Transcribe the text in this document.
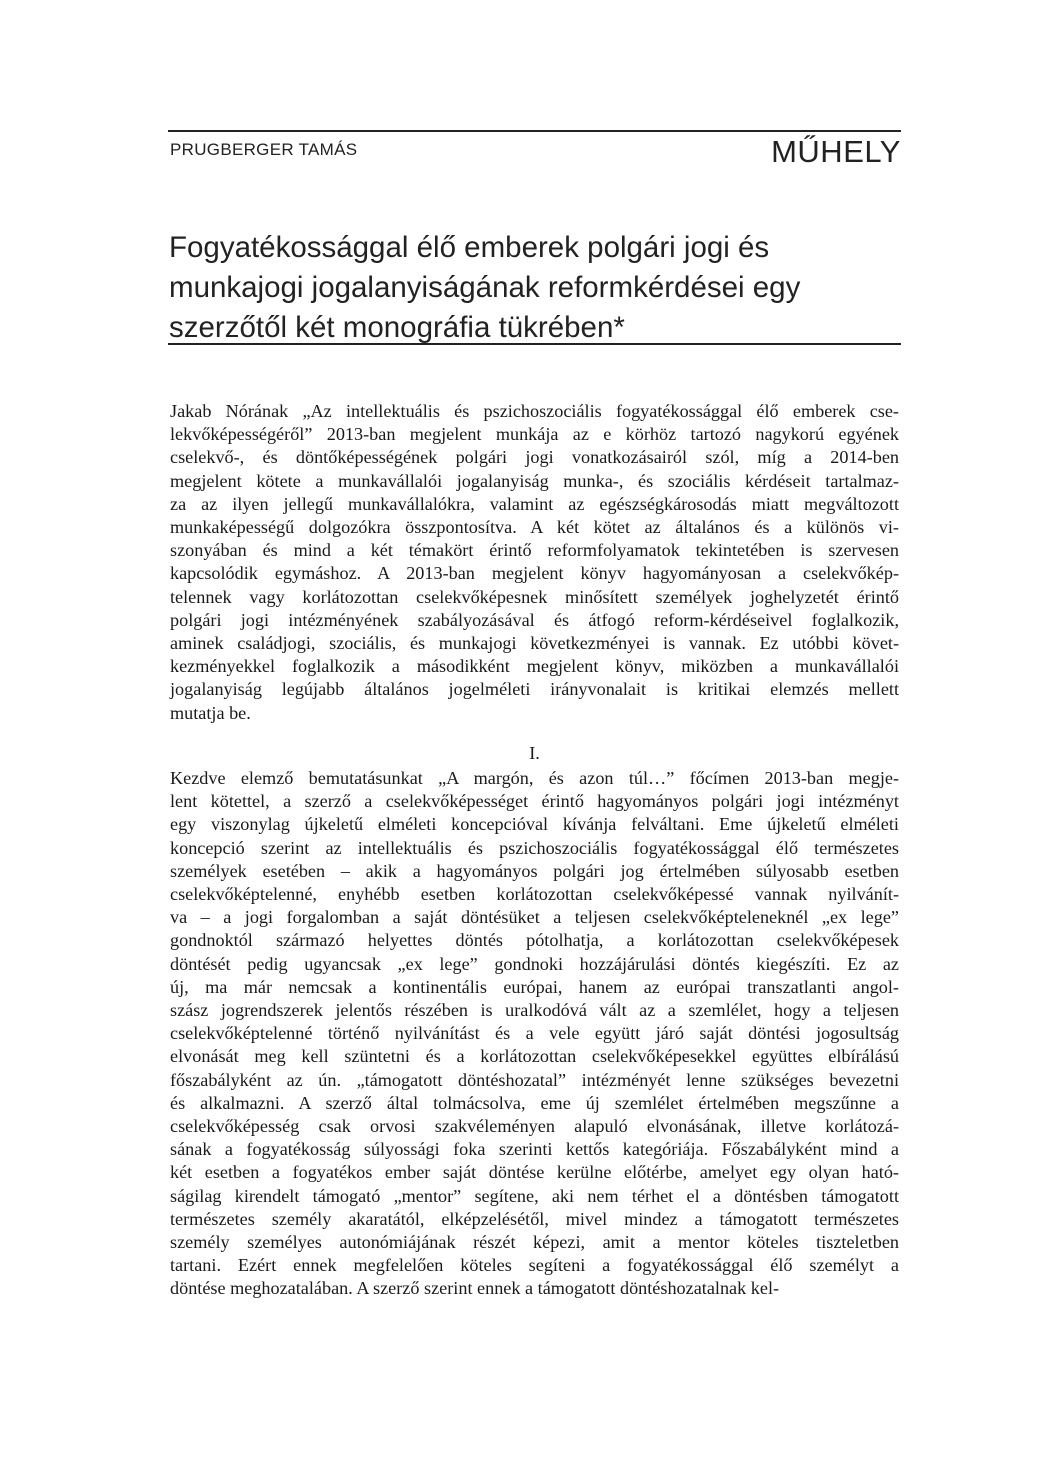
PRUGBERGER TAMÁS	MŰHELY
Fogyatékossággal élő emberek polgári jogi és
munkajogi jogalanyiságának reformkérdései egy
szerzőtől két monográfia tükrében*
Jakab Nórának „Az intellektuális és pszichoszociális fogyatékossággal élő emberek cse-
lekvőképességéről” 2013-ban megjelent munkája az e körhöz tartozó nagykorú egyének
cselekvő-, és döntőképességének polgári jogi vonatkozásairól szól, míg a 2014-ben
megjelent kötete a munkavállalói jogalanyiság munka-, és szociális kérdéseit tartalmaz-
za az ilyen jellegű munkavállalókra, valamint az egészségkárosodás miatt megváltozott
munkaképességű dolgozókra összpontosítva. A két kötet az általános és a különös vi-
szonyában és mind a két témakört érintő reformfolyamatok tekintetében is szervesen
kapcsolódik egymáshoz. A 2013-ban megjelent könyv hagyományosan a cselekvőkép-
telennek vagy korlátozottan cselekvőképesnek minősített személyek joghelyzetét érintő
polgári jogi intézményének szabályozásával és átfogó reform-kérdéseivel foglalkozik,
aminek családjogi, szociális, és munkajogi következményei is vannak. Ez utóbbi követ-
kezményekkel foglalkozik a másodikként megjelent könyv, miközben a munkavállalói
jogalanyiság legújabb általános jogelméleti irányvonalait is kritikai elemzés mellett
mutatja be.
I.
Kezdve elemző bemutatásunkat „A margón, és azon túl…” főcímen 2013-ban megje-
lent kötettel, a szerző a cselekvőképességet érintő hagyományos polgári jogi intézményt
egy viszonylag újkeletű elméleti koncepcióval kívánja felváltani. Eme újkeletű elméleti
koncepció szerint az intellektuális és pszichoszociális fogyatékossággal élő természetes
személyek esetében – akik a hagyományos polgári jog értelmében súlyosabb esetben
cselekvőképtelenné, enyhébb esetben korlátozottan cselekvőképessé vannak nyilvánít-
va – a jogi forgalomban a saját döntésüket a teljesen cselekvőképteleneknél „ex lege”
gondnoktól származó helyettes döntés pótolhatja, a korlátozottan cselekvőképesek
döntését pedig ugyancsak „ex lege” gondnoki hozzájárulási döntés kiegészíti. Ez az
új, ma már nemcsak a kontinentális európai, hanem az európai transzatlanti angol-
szász jogrendszerek jelentős részében is uralkodóvá vált az a szemlélet, hogy a teljesen
cselekvőképtelenné történő nyilvánítást és a vele együtt járó saját döntési jogosultság
elvonását meg kell szüntetni és a korlátozottan cselekvőképesekkel együttes elbírálású
főszabályként az ún. „támogatott döntéshozatal” intézményét lenne szükséges bevezetni
és alkalmazni. A szerző által tolmácsolva, eme új szemlélet értelmében megszűnne a
cselekvőképesség csak orvosi szakvéleményen alapuló elvonásának, illetve korlátozá-
sának a fogyatékosság súlyossági foka szerinti kettős kategóriája. Főszabályként mind a
két esetben a fogyatékos ember saját döntése kerülne előtérbe, amelyet egy olyan ható-
ságilag kirendelt támogató „mentor” segítene, aki nem térhet el a döntésben támogatott
természetes személy akaratától, elképzelésétől, mivel mindez a támogatott természetes
személy személyes autonómiájának részét képezi, amit a mentor köteles tiszteletben
tartani. Ezért ennek megfelelően köteles segíteni a fogyatékossággal élő személyt a
döntése meghozatalában. A szerző szerint ennek a támogatott döntéshozatalnak kel-
